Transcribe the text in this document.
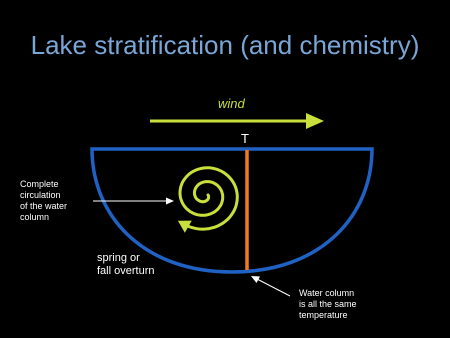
Lake stratification (and chemistry)
wind
T
Complete
circulation
of the water
column
spring or
fall overturn
Water column
is all the same
temperature
